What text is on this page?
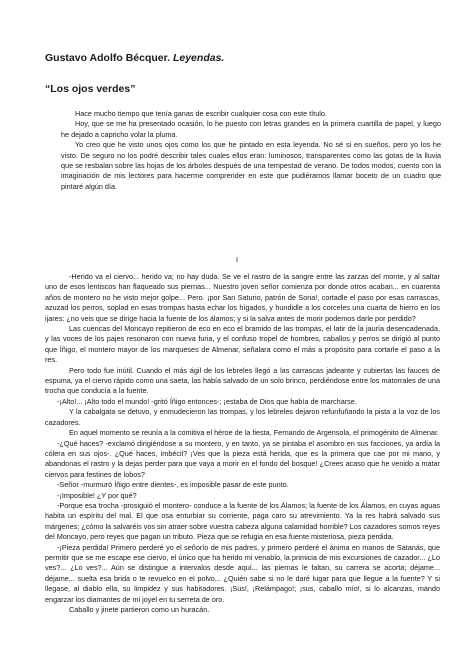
Gustavo Adolfo Bécquer. Leyendas.
“Los ojos verdes”

Hace mucho tiempo que tenía ganas de escribir cualquier cosa con este título.

Hoy, que se me ha presentado ocasión, lo he puesto con letras grandes en la primera cuartilla de papel, y luego he dejado a capricho volar la pluma.

Yo creo que he visto unos ojos como los que he pintado en esta leyenda. No sé si en sueños, pero yo los he visto. De seguro no los podré describir tales cuales ellos eran: luminosos, transparentes como las gotas de la lluvia que se resbalan sobre las hojas de los árboles después de una tempestad de verano. De todos modos, cuento con la imaginación de mis lectores para hacerme comprender en este que pudiéramos llamar boceto de un cuadro que pintaré algún día.

I

-Herido va el ciervo... herido va; no hay duda. Se ve el rastro de la sangre entre las zarzas del monte, y al saltar uno de esos lentiscos han flaqueado sus piernas... Nuestro joven señor comienza por donde otros acaban... en cuarenta años de montero no he visto mejor golpe... Pero. ¡por San Saturio, patrón de Soria!, cortadle el paso por esas carrascas, azuzad los perros, soplad en esas trompas hasta echar los hígados, y hundidle a los corceles una cuarta de hierro en los ijares: ¿no veis que se dirige hacia la fuente de los álamos; y si la salva antes de morir podemos darle por perdido?

Las cuencas del Moncayo repitieron de eco en eco el bramido de las trompas, el latir de la jauría desencadenada, y las voces de los pajes resonaron con nueva furia, y el confuso tropel de hombres, caballos y perros se dirigió al punto que Íñigo, el montero mayor de los marqueses de Almenar, señalara como el más a propósito para cortarle el paso a la res.

Pero todo fue inútil. Cuando el más ágil de los lebreles llegó a las carrascas jadeante y cubiertas las fauces de espuma, ya el ciervo rápido como una saeta, las había salvado de un solo brinco, perdiéndose entre los matorrales de una trocha que conducía a la fuente.

-¡Alto!... ¡Alto todo el mundo! -gritó Íñigo entonces-; ¡estaba de Dios que había de marcharse.

Y la cabalgata se detuvo, y enmudecieron las trompas, y los lebreles dejaron refunfuñando la pista a la voz de los cazadores.

En aquel momento se reunía a la comitiva el héroe de la fiesta, Fernando de Argensola, el primogénito de Almenar.

-¿Qué haces? -exclamó dirigiéndose a su montero, y en tanto, ya se pintaba el asombro en sus facciones, ya ardía la cólera en sus ojos-. ¿Qué haces, imbécil? ¡Ves que la pieza está herida, que es la primera que cae por mi mano, y abandonas el rastro y la dejas perder para que vaya a morir en el fondo del bosque! ¿Crees acaso que he venido a matar ciervos para festines de lobos?

-Señor -murmuró Íñigo entre dientes-, es imposible pasar de este punto.

-¡Imposible! ¿Y por qué?

-Porque esa trocha -prosiguió el montero- conduce a la fuente de los Álamos; la fuente de los Álamos, en cuyas aguas habita un espíritu del mal. El que osa enturbiar su corriente, paga caro su atrevimiento. Ya la res habrá salvado sus márgenes; ¿cómo la salvaréis vos sin atraer sobre vuestra cabeza alguna calamidad horrible? Los cazadores somos reyes del Moncayo, pero reyes que pagan un tributo. Pieza que se refugia en esa fuente misteriosa, pieza perdida.

-¡Pieza perdida! Primero perderé yo el señorío de mis padres, y primero perderé el ánima en manos de Satanás, que permitir que se me escape ese ciervo, el único que ha herido mi venablo, la primicia de mis excursiones de cazador... ¿Lo ves?... ¿Lo ves?... Aún se distingue a intervalos desde aquí... las piernas le faltan, su carrera se acorta; déjame... déjame... suelta esa brida o te revuelco en el polvo... ¿Quién sabe si no le daré lugar para que llegue a la fuente? Y si llegase, al diablo ella, su limpidez y sus habitadores. ¡Sus!, ¡Relámpago!; ¡sus, caballo mío!, si lo alcanzas, mando engarzar los diamantes de mi joyel en tu serreta de oro.

Caballo y jinete partieron como un huracán.
